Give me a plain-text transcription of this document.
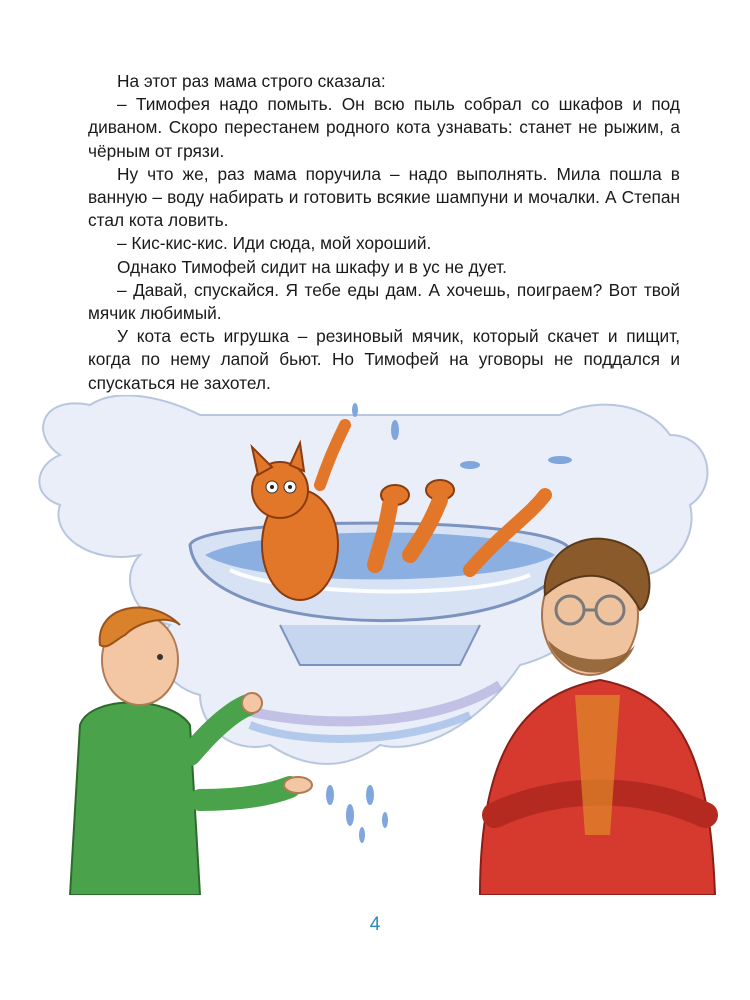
На этот раз мама строго сказала:

– Тимофея надо помыть. Он всю пыль собрал со шкафов и под диваном. Скоро перестанем родного кота узнавать: станет не рыжим, а чёрным от грязи.

Ну что же, раз мама поручила – надо выполнять. Мила пошла в ванную – воду набирать и готовить всякие шампуни и мочалки. А Степан стал кота ловить.

– Кис-кис-кис. Иди сюда, мой хороший.

Однако Тимофей сидит на шкафу и в ус не дует.

– Давай, спускайся. Я тебе еды дам. А хочешь, поиграем? Вот твой мячик любимый.

У кота есть игрушка – резиновый мячик, который скачет и пищит, когда по нему лапой бьют. Но Тимофей на уговоры не поддался и спускаться не захотел.

4
